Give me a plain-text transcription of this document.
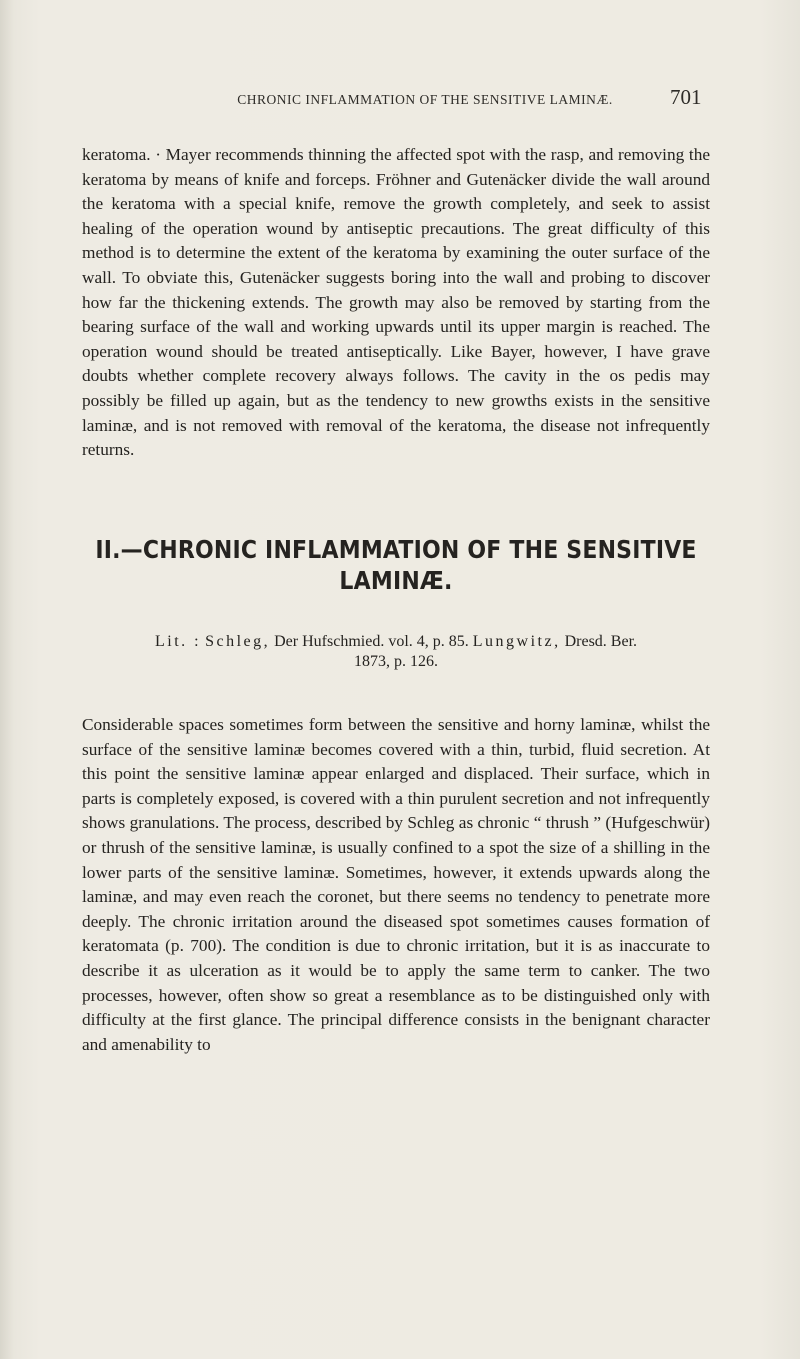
CHRONIC INFLAMMATION OF THE SENSITIVE LAMINÆ.	701

keratoma. · Mayer recommends thinning the affected spot with the rasp, and removing the keratoma by means of knife and forceps. Fröhner and Gutenäcker divide the wall around the keratoma with a special knife, remove the growth completely, and seek to assist healing of the operation wound by antiseptic precautions. The great difficulty of this method is to determine the extent of the keratoma by examining the outer surface of the wall. To obviate this, Gutenäcker suggests boring into the wall and probing to discover how far the thickening extends. The growth may also be removed by starting from the bearing surface of the wall and working upwards until its upper margin is reached. The operation wound should be treated antiseptically. Like Bayer, however, I have grave doubts whether complete recovery always follows. The cavity in the os pedis may possibly be filled up again, but as the tendency to new growths exists in the sensitive laminæ, and is not removed with removal of the keratoma, the disease not infrequently returns.

II.—CHRONIC INFLAMMATION OF THE SENSITIVE
LAMINÆ.
Lit. : Schleg, Der Hufschmied. vol. 4, p. 85. Lungwitz, Dresd. Ber.
1873, p. 126.

Considerable spaces sometimes form between the sensitive and horny laminæ, whilst the surface of the sensitive laminæ becomes covered with a thin, turbid, fluid secretion. At this point the sensitive laminæ appear enlarged and displaced. Their surface, which in parts is completely exposed, is covered with a thin purulent secretion and not infrequently shows granulations. The process, described by Schleg as chronic “ thrush ” (Hufgeschwür) or thrush of the sensitive laminæ, is usually confined to a spot the size of a shilling in the lower parts of the sensitive laminæ. Sometimes, however, it extends upwards along the laminæ, and may even reach the coronet, but there seems no tendency to penetrate more deeply. The chronic irritation around the diseased spot sometimes causes formation of keratomata (p. 700). The condition is due to chronic irritation, but it is as inaccurate to describe it as ulceration as it would be to apply the same term to canker. The two processes, however, often show so great a resemblance as to be distinguished only with difficulty at the first glance. The principal difference consists in the benignant character and amenability to
